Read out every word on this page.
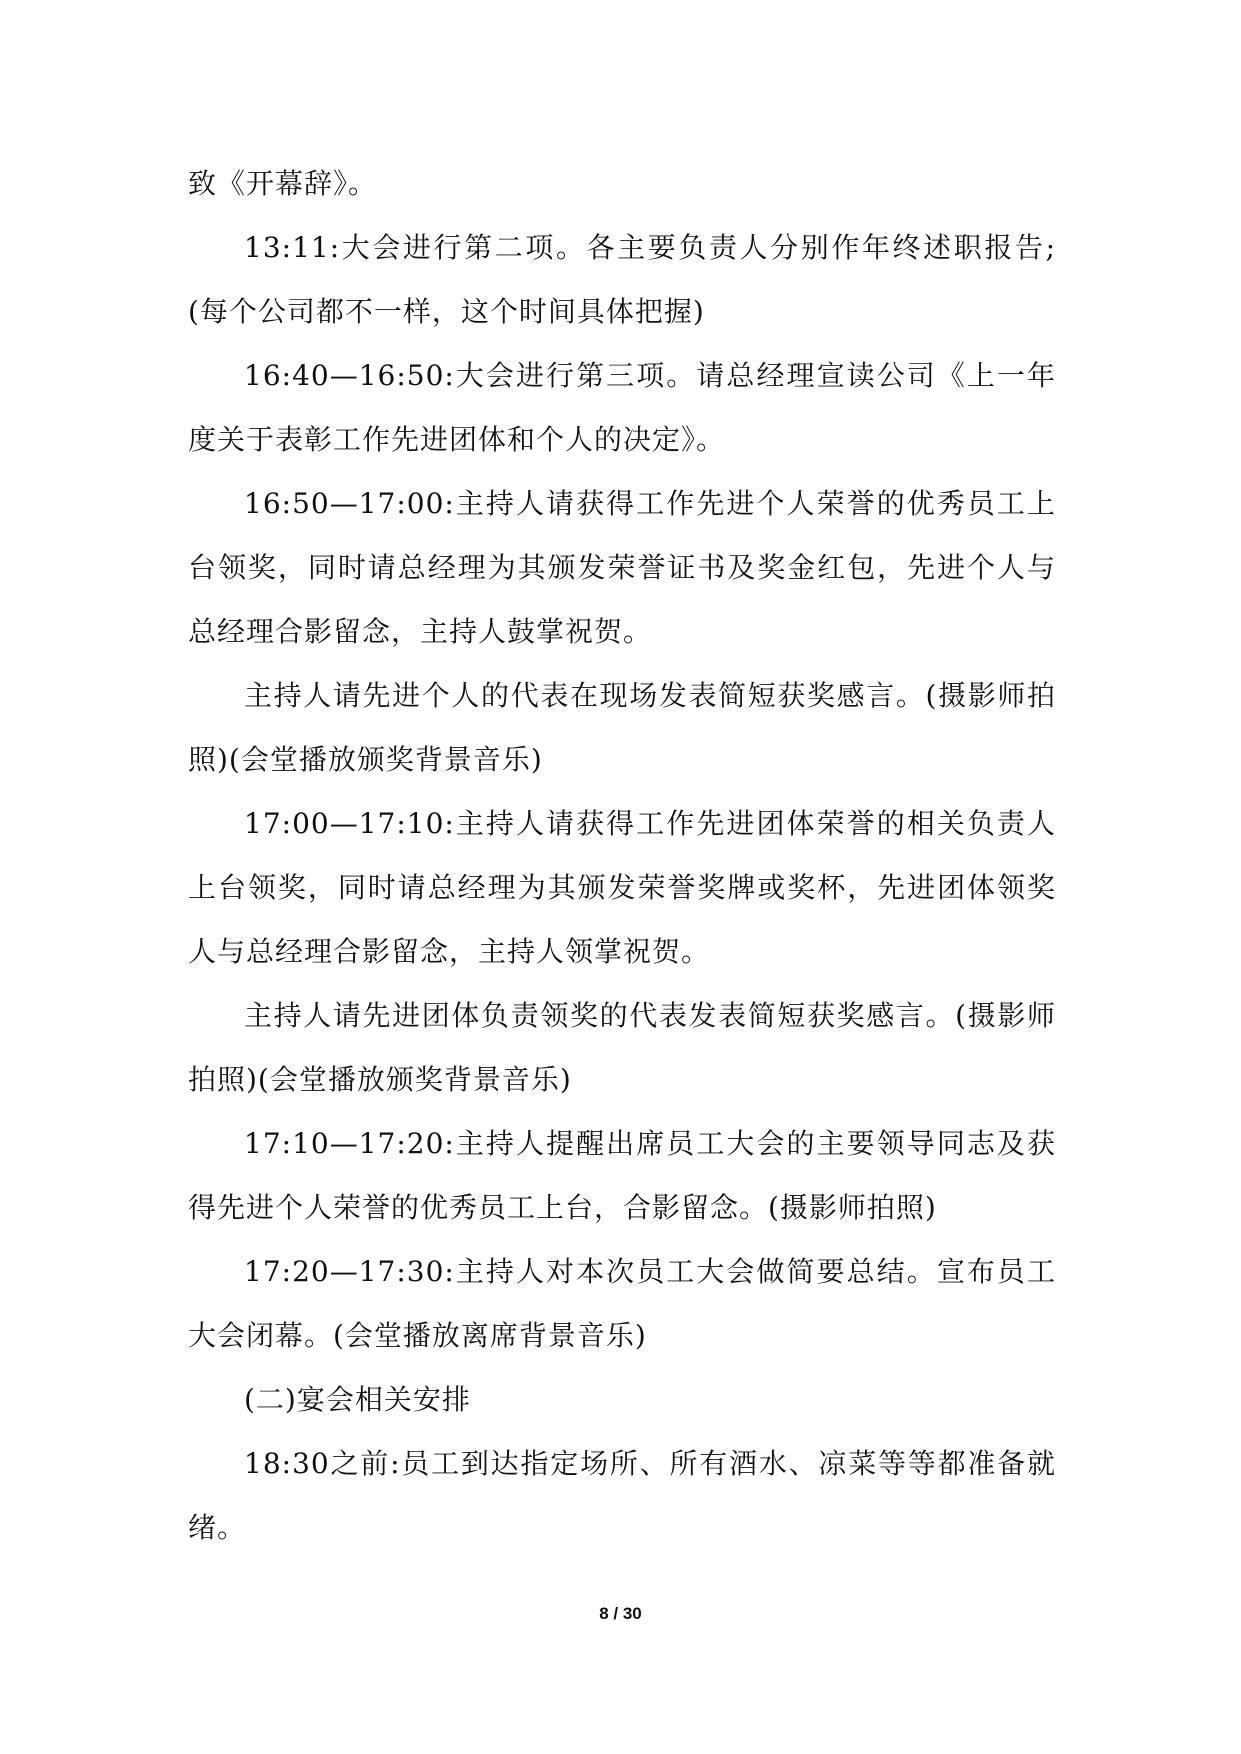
致《开幕辞》。

13:11:大会进行第二项。各主要负责人分别作年终述职报告;(每个公司都不一样，这个时间具体把握)

16:40—16:50:大会进行第三项。请总经理宣读公司《上一年度关于表彰工作先进团体和个人的决定》。

16:50—17:00:主持人请获得工作先进个人荣誉的优秀员工上台领奖，同时请总经理为其颁发荣誉证书及奖金红包，先进个人与总经理合影留念，主持人鼓掌祝贺。

主持人请先进个人的代表在现场发表简短获奖感言。(摄影师拍照)(会堂播放颁奖背景音乐)

17:00—17:10:主持人请获得工作先进团体荣誉的相关负责人上台领奖，同时请总经理为其颁发荣誉奖牌或奖杯，先进团体领奖人与总经理合影留念，主持人领掌祝贺。

主持人请先进团体负责领奖的代表发表简短获奖感言。(摄影师拍照)(会堂播放颁奖背景音乐)

17:10—17:20:主持人提醒出席员工大会的主要领导同志及获得先进个人荣誉的优秀员工上台，合影留念。(摄影师拍照)

17:20—17:30:主持人对本次员工大会做简要总结。宣布员工大会闭幕。(会堂播放离席背景音乐)

(二)宴会相关安排

18:30之前:员工到达指定场所、所有酒水、凉菜等等都准备就绪。

8 / 30
